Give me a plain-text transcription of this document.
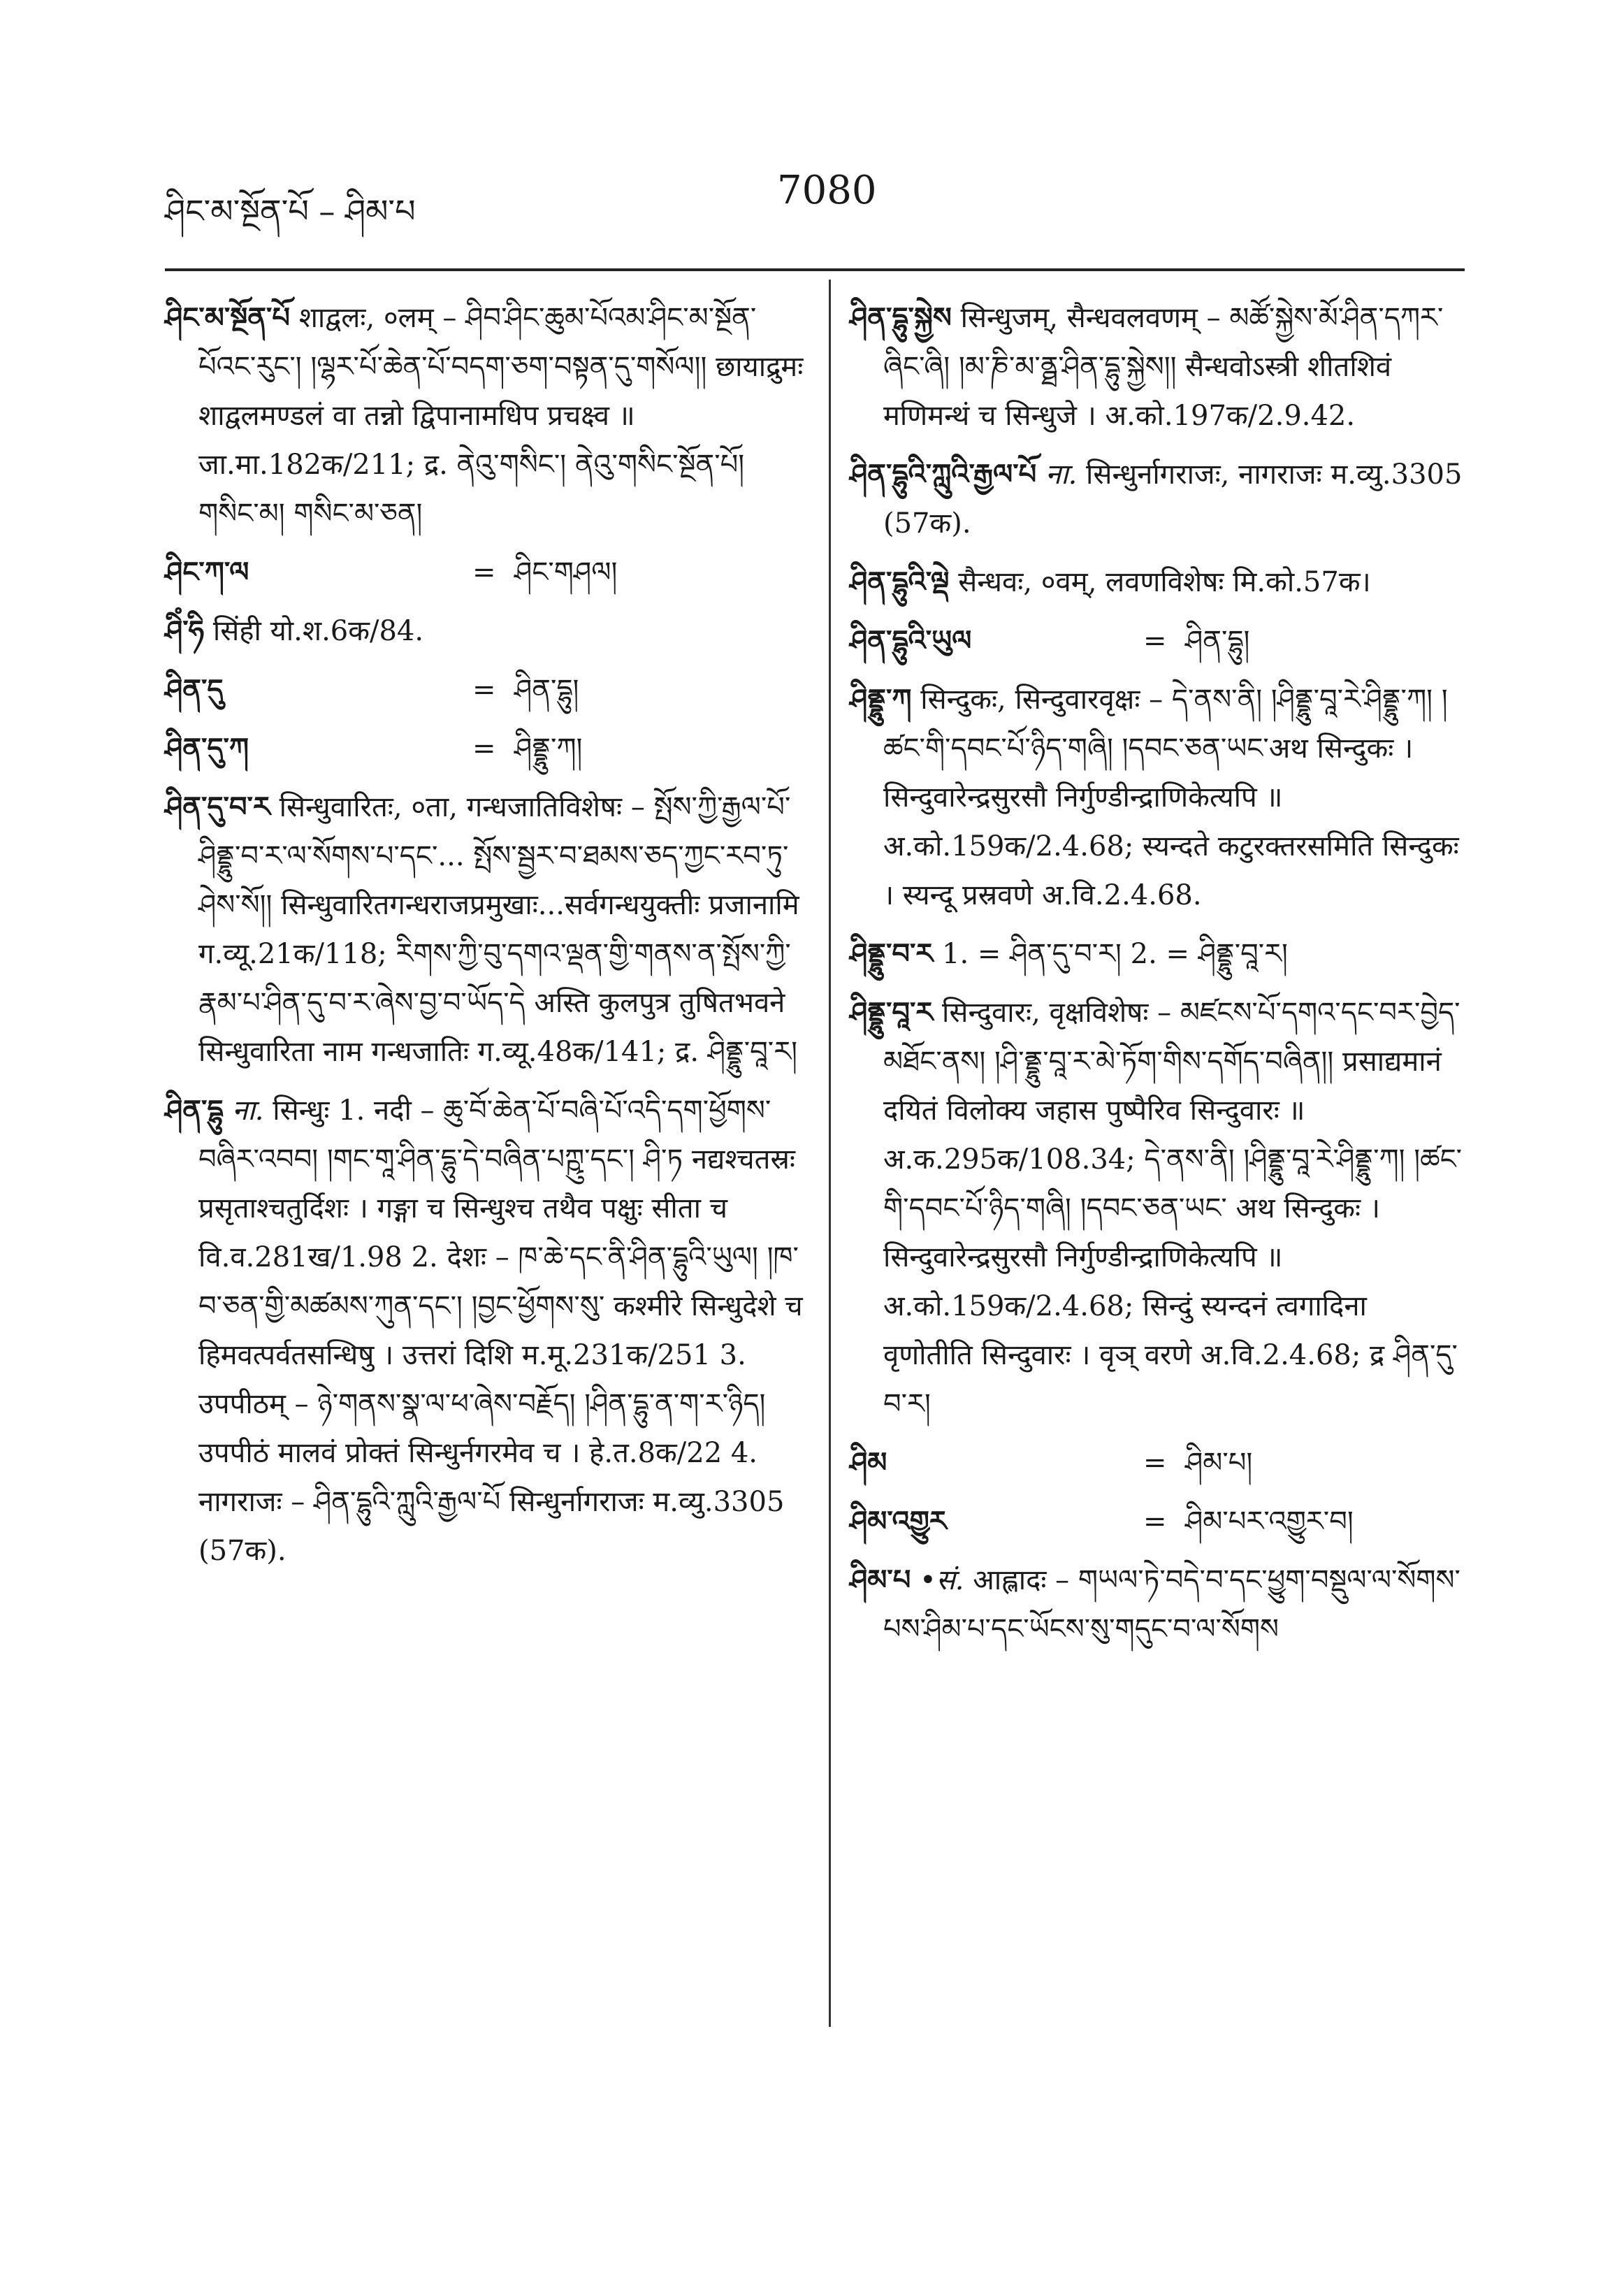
ཤིང་མ་སྔོན་པོ – ཤིམ་པ	7080

ཤིང་མ་སྔོན་པོ शाद्वलः, ०लम् – ཤིབ་ཤིང་ཆུམ་པོའམ་ཤིང་མ་སྔོན་པོའང་རུང་། །ལྷར་པོ་ཆེན་པོ་བདག་ཅག་བསྟན་དུ་གསོལ།། छायाद्रुमः शाद्वलमण्डलं वा तन्नो द्विपानामधिप प्रचक्ष्व ॥ जा.मा.182क/211; द्र. ནེའུ་གསིང་། ནེའུ་གསིང་སྔོན་པོ། གསིང་མ། གསིང་མ་ཅན།

ཤིང་ཀ་ལ	= ཤིང་གཤལ།

ཤིཾ་ཧི सिंही यो.श.6क/84.

ཤིན་དུ	= ཤིན་དྷུ།
ཤིན་དུ་ཀ	= ཤིནྡྷུ་ཀ།

ཤིན་དུ་བ་ར सिन्धुवारितः, ०ता, गन्धजातिविशेषः – སྤོས་ཀྱི་རྒྱལ་པོ་ཤིནྡྷུ་བ་ར་ལ་སོགས་པ་དང་... སྤོས་སྦྱར་བ་ཐམས་ཅད་ཀྱང་རབ་ཏུ་ཤེས་སོ།། सिन्धुवारितगन्धराजप्रमुखाः...सर्वगन्धयुक्तीः प्रजानामि ग.व्यू.21क/118; རིགས་ཀྱི་བུ་དགའ་ལྡན་གྱི་གནས་ན་སྤོས་ཀྱི་རྣམ་པ་ཤིན་དུ་བ་ར་ཞེས་བྱ་བ་ཡོད་དེ अस्ति कुलपुत्र तुषितभवने सिन्धुवारिता नाम गन्धजातिः ग.व्यू.48क/141; द्र. ཤིནྡྷུ་བཱ་ར།

ཤིན་དྷུ ना. सिन्धुः 1. नदी – ཆུ་བོ་ཆེན་པོ་བཞི་པོ་འདི་དག་ཕྱོགས་བཞིར་འབབ། །གང་གཱ་ཤིན་དྷུ་དེ་བཞིན་པཀྵུ་དང་། ཤི་ཏ नद्यश्चतस्रः प्रसृताश्चतुर्दिशः । गङ्गा च सिन्धुश्च तथैव पक्षुः सीता च वि.व.281ख/1.98 2. देशः – ཁ་ཆེ་དང་ནི་ཤིན་དྷུའི་ཡུལ། །ཁ་བ་ཅན་གྱི་མཚམས་ཀུན་དང་། །བྱང་ཕྱོགས་སུ་ कश्मीरे सिन्धुदेशे च हिमवत्पर्वतसन्धिषु । उत्तरां दिशि म.मू.231क/251 3. उपपीठम् – ཉེ་གནས་སྣ་ལ་ཕ་ཞེས་བརྗོད། །ཤིན་དྷུ་ན་ག་ར་ཉིད། उपपीठं मालवं प्रोक्तं सिन्धुर्नगरमेव च । हे.त.8क/22 4. नागराजः – ཤིན་དྷུའི་ཀླུའི་རྒྱལ་པོ सिन्धुर्नागराजः म.व्यु.3305 (57क).

ཤིན་དྷུ་སྐྱེས सिन्धुजम्, सैन्धवलवणम् – མཚོ་སྐྱེས་མོ་ཤིན་དཀར་ཞིང་ཞི། །མ་ཎི་མ་ནྠ་ཤིན་དྷུ་སྐྱེས།། सैन्धवोऽस्त्री शीतशिवं मणिमन्थं च सिन्धुजे । अ.को.197क/2.9.42.

ཤིན་དྷུའི་ཀླུའི་རྒྱལ་པོ ना. सिन्धुर्नागराजः, नागराजः म.व्यु.3305 (57क).

ཤིན་དྷུའི་ལྡེ सैन्धवः, ०वम्, लवणविशेषः मि.को.57क।

ཤིན་དྷུའི་ཡུལ	= ཤིན་དྷུ།

ཤིནྡྷུ་ཀ सिन्दुकः, सिन्दुवारवृक्षः – དེ་ནས་ནི། །ཤིནྡྷུ་བཱ་རེ་ཤིནྡྷུ་ཀ། །ཚང་གི་དབང་པོ་ཉིད་གཞི། །དབང་ཅན་ཡང་अथ सिन्दुकः । सिन्दुवारेन्द्रसुरसौ निर्गुण्डीन्द्राणिकेत्यपि ॥ अ.को.159क/2.4.68; स्यन्दते कटुरक्तरसमिति सिन्दुकः । स्यन्दू प्रस्रवणे अ.वि.2.4.68.

ཤིནྡྷུ་བ་ར 1. = ཤིན་དུ་བ་ར། 2. = ཤིནྡྷུ་བཱ་ར།

ཤིནྡྷུ་བཱ་ར सिन्दुवारः, वृक्षविशेषः – མཛངས་པོ་དགའ་དང་བར་བྱེད་མཐོང་ནས། །ཤི་ནྡྷུ་བཱ་ར་མེ་ཏོག་གིས་དགོད་བཞིན།། प्रसाद्यमानं दयितं विलोक्य जहास पुष्पैरिव सिन्दुवारः ॥ अ.क.295क/108.34; དེ་ནས་ནི། །ཤིནྡྷུ་བཱ་རེ་ཤིནྡྷུ་ཀ། །ཚང་གི་དབང་པོ་ཉིད་གཞི། །དབང་ཅན་ཡང་ अथ सिन्दुकः । सिन्दुवारेन्द्रसुरसौ निर्गुण्डीन्द्राणिकेत्यपि ॥ अ.को.159क/2.4.68; सिन्दुं स्यन्दनं त्वगादिना वृणोतीति सिन्दुवारः । वृञ् वरणे अ.वि.2.4.68; द्र ཤིན་དུ་བ་ར།

ཤིམ	= ཤིམ་པ།
ཤིམ་འགྱུར	= ཤིམ་པར་འགྱུར་བ།

ཤིམ་པ •सं. आह्लादः – གཡལ་ཏེ་བདེ་བ་དང་ཕྱུག་བསྡུལ་ལ་སོགས་པས་ཤིམ་པ་དང་ཡོངས་སུ་གདུང་བ་ལ་སོགས
